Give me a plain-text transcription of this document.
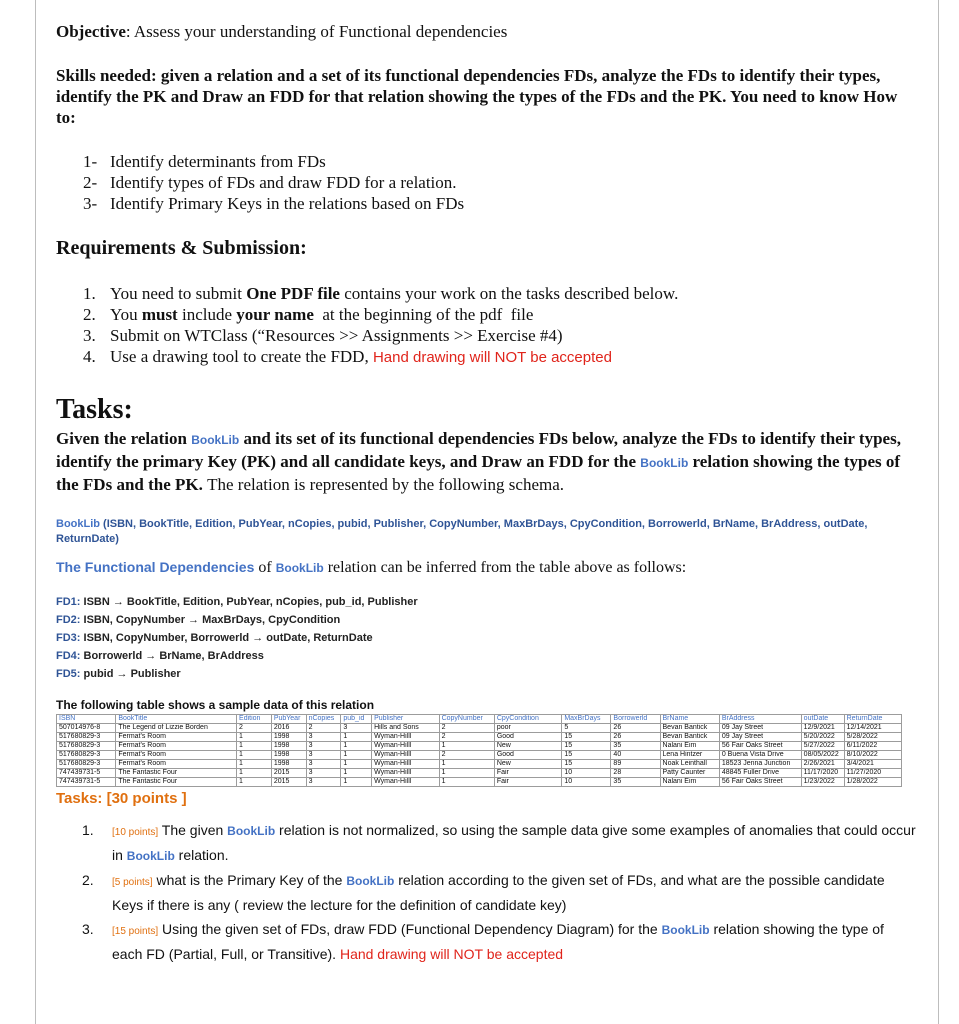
Objective: Assess your understanding of Functional dependencies

Skills needed: given a relation and a set of its functional dependencies FDs, analyze the FDs to identify their types, identify the PK and Draw an FDD for that relation showing the types of the FDs and the PK. You need to know How to:

1- Identify determinants from FDs
2- Identify types of FDs and draw FDD for a relation.
3- Identify Primary Keys in the relations based on FDs
Requirements & Submission:
1. You need to submit One PDF file contains your work on the tasks described below.
2. You must include your name  at the beginning of the pdf  file
3. Submit on WTClass (“Resources >> Assignments >> Exercise #4)
4. Use a drawing tool to create the FDD, Hand drawing will NOT be accepted
Tasks:

Given the relation BookLib and its set of its functional dependencies FDs below, analyze the FDs to identify their types, identify the primary Key (PK) and all candidate keys, and Draw an FDD for the BookLib relation showing the types of the FDs and the PK. The relation is represented by the following schema.

BookLib (ISBN, BookTitle, Edition, PubYear, nCopies, pubid, Publisher, CopyNumber, MaxBrDays, CpyCondition, Borrowerld, BrName, BrAddress, outDate, ReturnDate)

The Functional Dependencies of BookLib relation can be inferred from the table above as follows:

FD1: ISBN → BookTitle, Edition, PubYear, nCopies, pub_id, Publisher
FD2: ISBN, CopyNumber → MaxBrDays, CpyCondition
FD3: ISBN, CopyNumber, Borrowerld → outDate, ReturnDate
FD4: Borrowerld → BrName, BrAddress
FD5: pubid → Publisher

The following table shows a sample data of this relation

ISBN	BookTitle	Edition	PubYear	nCopies	pub_id	Publisher	CopyNumber	CpyCondition	MaxBrDays	Borrowerld	BrName	BrAddress	outDate	ReturnDate
507014976-8	The Legend of Lizzie Borden	2	2016	2	3	Hills and Sons	2	poor	5	26	Bevan Bantick	09 Jay Street	12/9/2021	12/14/2021
517680829-3	Fermat's Room	1	1998	3	1	Wyman-Hilll	2	Good	15	26	Bevan Bantick	09 Jay Street	5/20/2022	5/28/2022
517680829-3	Fermat's Room	1	1998	3	1	Wyman-Hilll	1	New	15	35	Nalani Eim	56 Fair Oaks Street	5/27/2022	6/11/2022
517680829-3	Fermat's Room	1	1998	3	1	Wyman-Hilll	2	Good	15	40	Lena Hintzer	0 Buena Vista Drive	08/05/2022	8/10/2022
517680829-3	Fermat's Room	1	1998	3	1	Wyman-Hilll	1	New	15	89	Noak Leinthall	18523 Jenna Junction	2/26/2021	3/4/2021
747439731-5	The Fantastic Four	1	2015	3	1	Wyman-Hilll	1	Fair	10	28	Patty Caunter	48845 Fuller Drive	11/17/2020	11/27/2020
747439731-5	The Fantastic Four	1	2015	3	1	Wyman-Hilll	1	Fair	10	35	Nalani Eim	56 Fair Oaks Street	1/23/2022	1/28/2022

Tasks: [30 points ]

1.	[10 points] The given BookLib relation is not normalized, so using the sample data give some examples of anomalies that could occur in BookLib relation.
2.	[5 points] what is the Primary Key of the BookLib relation according to the given set of FDs, and what are the possible candidate Keys if there is any ( review the lecture for the definition of candidate key)
3.	[15 points] Using the given set of FDs, draw FDD (Functional Dependency Diagram) for the BookLib relation showing the type of each FD (Partial, Full, or Transitive). Hand drawing will NOT be accepted
